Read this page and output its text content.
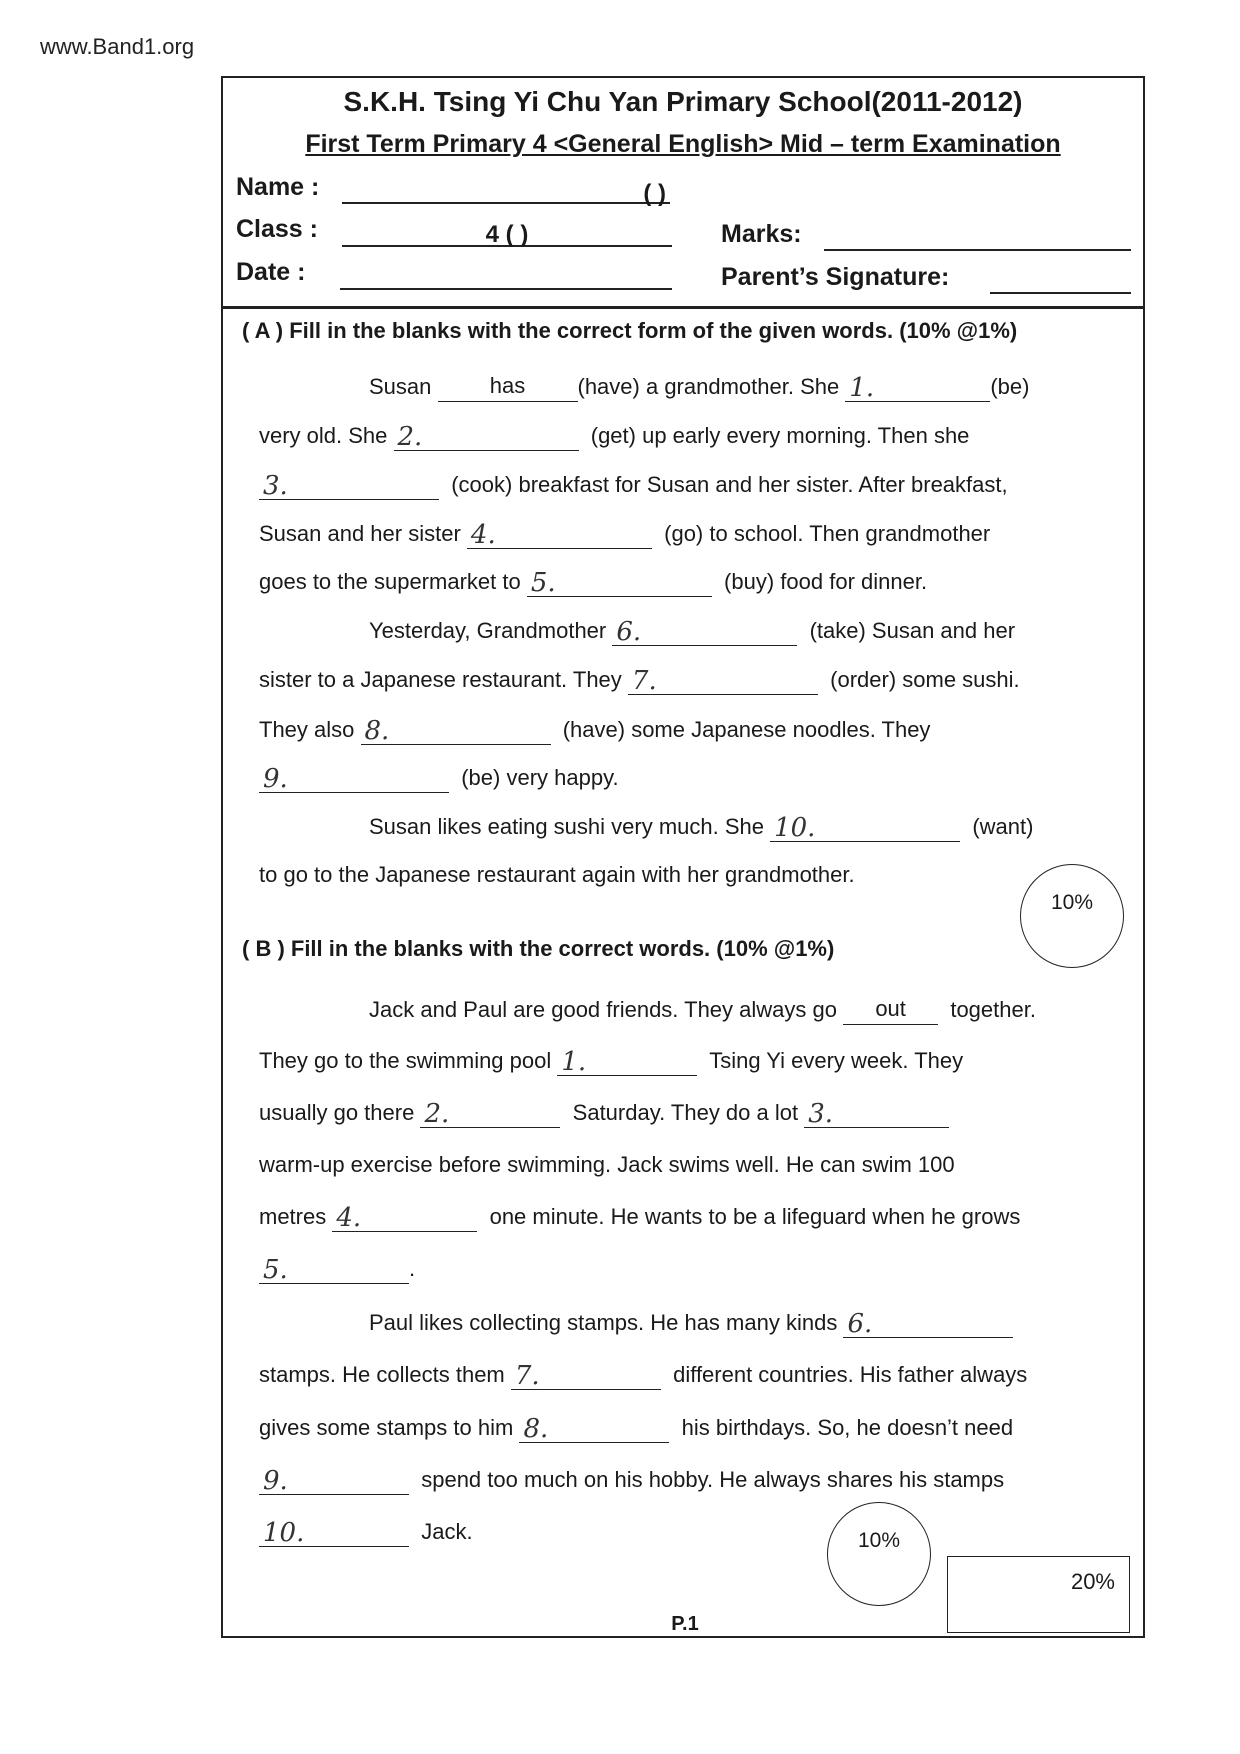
www.Band1.org
S.K.H. Tsing Yi Chu Yan Primary School(2011-2012)
First Term Primary 4 <General English> Mid – term Examination
Name :	( )
Class :	4 ( )
Date :
Marks:
Parent’s Signature:
( A ) Fill in the blanks with the correct form of the given words. (10% @1%)
Susan	has	(have) a grandmother. She 1.	(be)
very old. She 2.	(get) up early every morning. Then she
3.	(cook) breakfast for Susan and her sister. After breakfast,
Susan and her sister 4.	(go) to school. Then grandmother
goes to the supermarket to 5.	(buy) food for dinner.
Yesterday, Grandmother 6.	(take) Susan and her
sister to a Japanese restaurant. They 7.	(order) some sushi.
They also 8.	(have) some Japanese noodles. They
9.	(be) very happy.
Susan likes eating sushi very much. She 10.	(want)
to go to the Japanese restaurant again with her grandmother.
10%
( B ) Fill in the blanks with the correct words. (10% @1%)
Jack and Paul are good friends. They always go	out	together.
They go to the swimming pool 1.	Tsing Yi every week. They
usually go there 2.	Saturday. They do a lot 3.
warm-up exercise before swimming. Jack swims well. He can swim 100
metres 4.	one minute. He wants to be a lifeguard when he grows
5.	.
Paul likes collecting stamps. He has many kinds 6.
stamps. He collects them 7.	different countries. His father always
gives some stamps to him 8.	his birthdays. So, he doesn’t need
9.	spend too much on his hobby. He always shares his stamps
10.	Jack.	10%
20%
P.1
